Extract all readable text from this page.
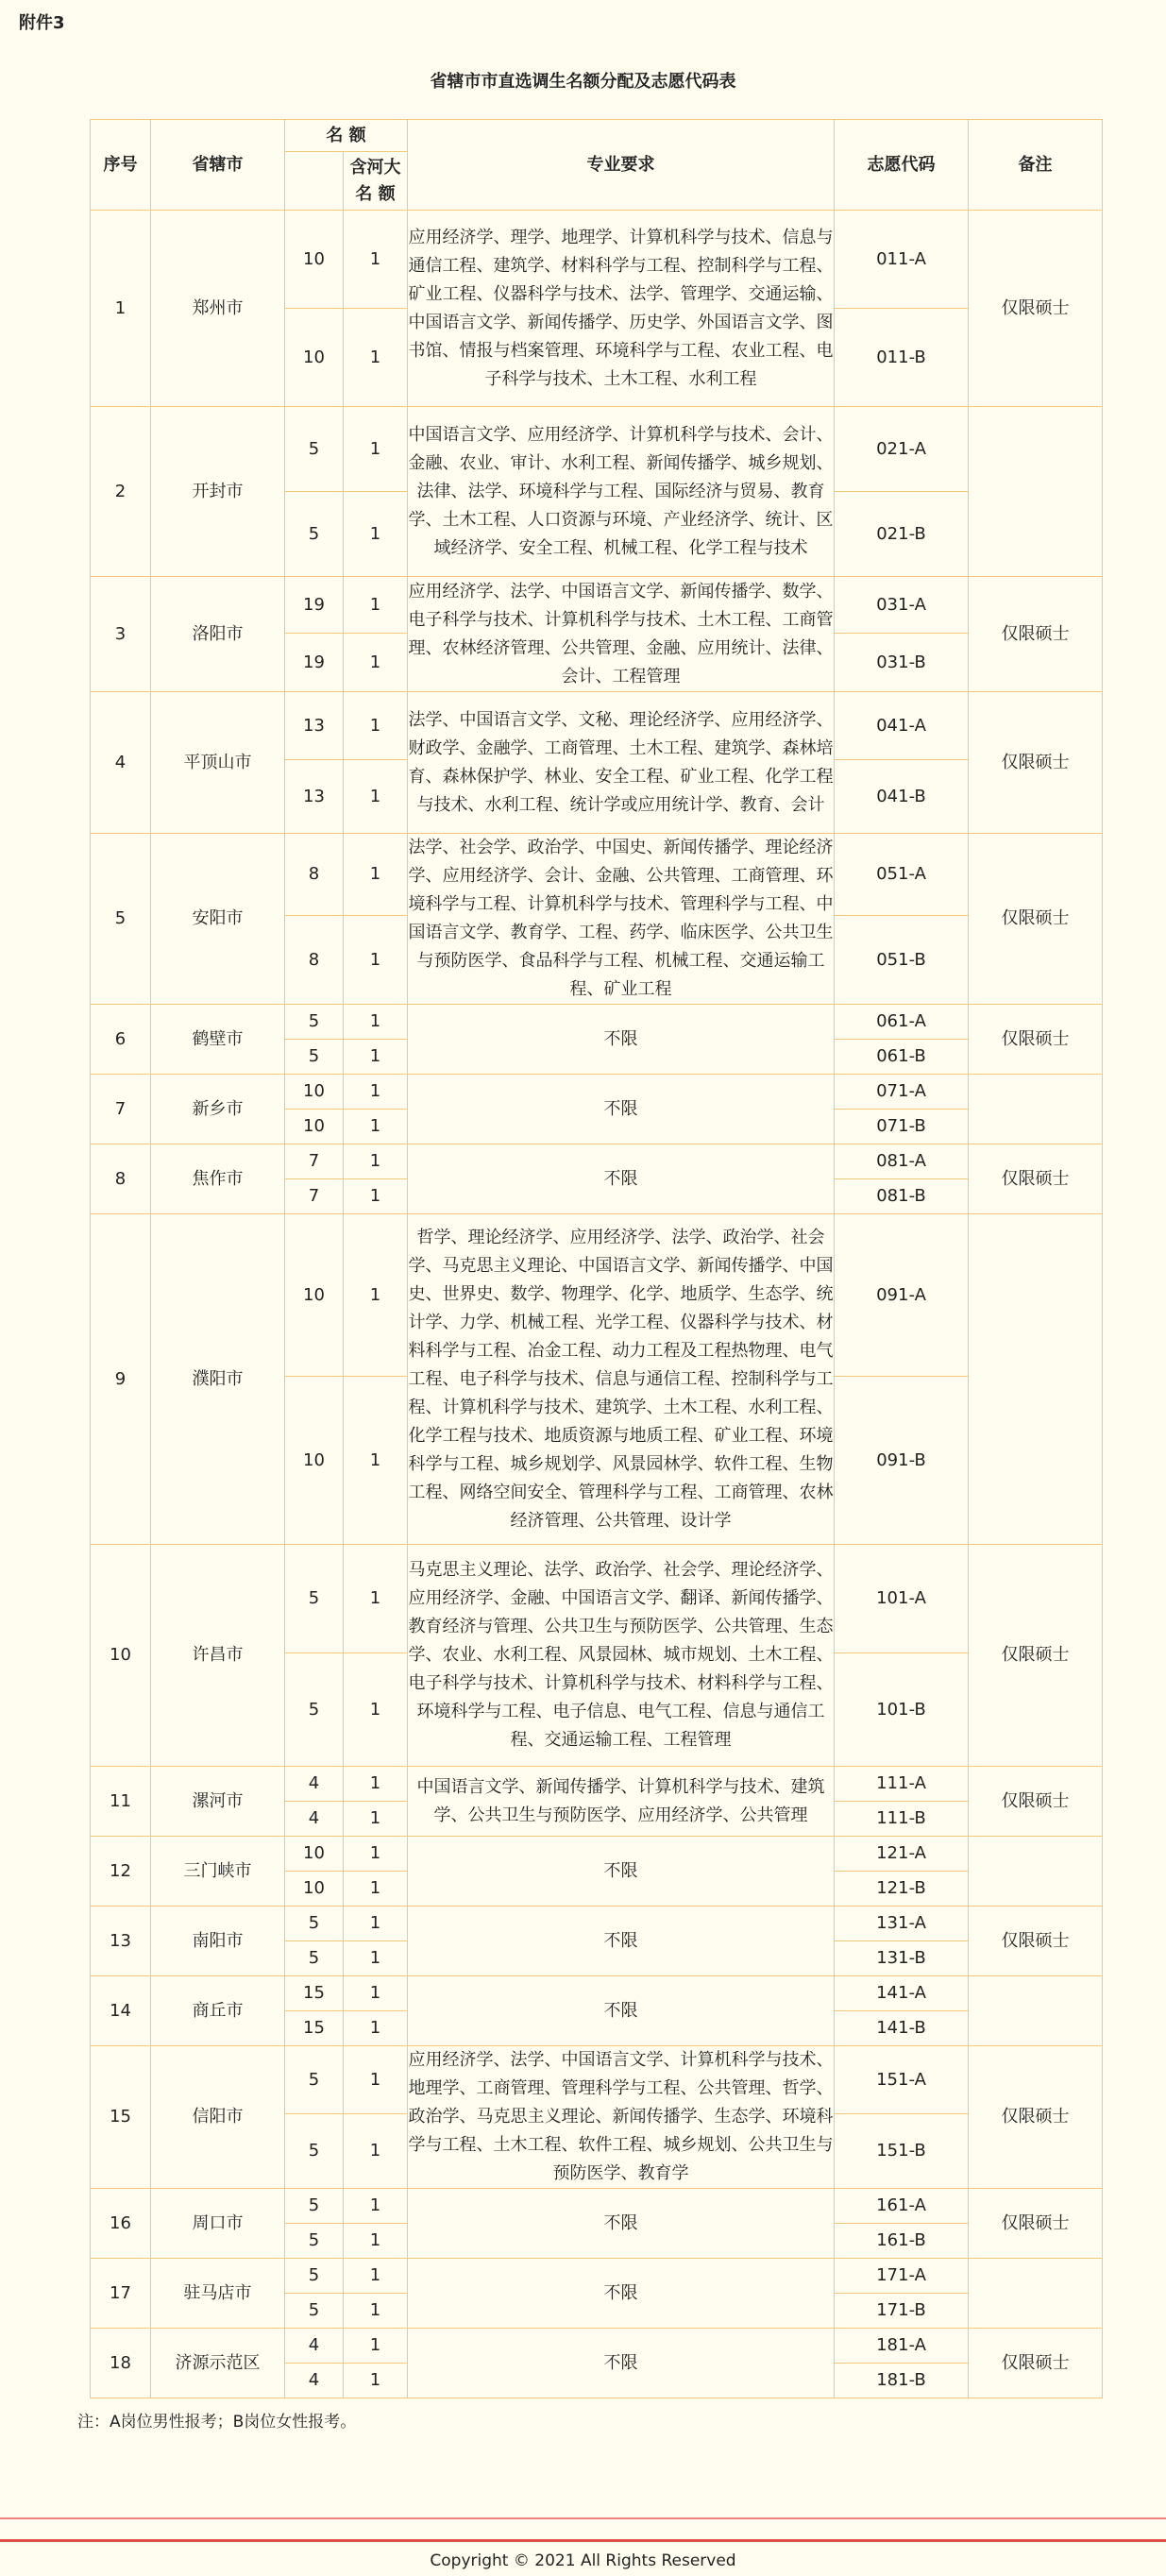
附件3
省辖市市直选调生名额分配及志愿代码表
序号	省辖市	名 额		专业要求	志愿代码	备注
			含河大名 额			
1	郑州市	10	1	应用经济学、理学、地理学、计算机科学与技术、信息与通信工程、建筑学、材料科学与工程、控制科学与工程、矿业工程、仪器科学与技术、法学、管理学、交通运输、中国语言文学、新闻传播学、历史学、外国语言文学、图书馆、情报与档案管理、环境科学与工程、农业工程、电子科学与技术、土木工程、水利工程	011-A	仅限硕士
		10	1		011-B	
2	开封市	5	1	中国语言文学、应用经济学、计算机科学与技术、会计、金融、农业、审计、水利工程、新闻传播学、城乡规划、法律、法学、环境科学与工程、国际经济与贸易、教育学、土木工程、人口资源与环境、产业经济学、统计、区域经济学、安全工程、机械工程、化学工程与技术	021-A	
		5	1		021-B	
3	洛阳市	19	1	应用经济学、法学、中国语言文学、新闻传播学、数学、电子科学与技术、计算机科学与技术、土木工程、工商管理、农林经济管理、公共管理、金融、应用统计、法律、会计、工程管理	031-A	仅限硕士
		19	1		031-B	
4	平顶山市	13	1	法学、中国语言文学、文秘、理论经济学、应用经济学、财政学、金融学、工商管理、土木工程、建筑学、森林培育、森林保护学、林业、安全工程、矿业工程、化学工程与技术、水利工程、统计学或应用统计学、教育、会计	041-A	仅限硕士
		13	1		041-B	
5	安阳市	8	1	法学、社会学、政治学、中国史、新闻传播学、理论经济学、应用经济学、会计、金融、公共管理、工商管理、环境科学与工程、计算机科学与技术、管理科学与工程、中国语言文学、教育学、工程、药学、临床医学、公共卫生与预防医学、食品科学与工程、机械工程、交通运输工程、矿业工程	051-A	仅限硕士
		8	1		051-B	
6	鹤壁市	5	1	不限	061-A	仅限硕士
		5	1		061-B	
7	新乡市	10	1	不限	071-A	
		10	1		071-B	
8	焦作市	7	1	不限	081-A	仅限硕士
		7	1		081-B	
9	濮阳市	10	1	哲学、理论经济学、应用经济学、法学、政治学、社会学、马克思主义理论、中国语言文学、新闻传播学、中国史、世界史、数学、物理学、化学、地质学、生态学、统计学、力学、机械工程、光学工程、仪器科学与技术、材料科学与工程、冶金工程、动力工程及工程热物理、电气工程、电子科学与技术、信息与通信工程、控制科学与工程、计算机科学与技术、建筑学、土木工程、水利工程、化学工程与技术、地质资源与地质工程、矿业工程、环境科学与工程、城乡规划学、风景园林学、软件工程、生物工程、网络空间安全、管理科学与工程、工商管理、农林经济管理、公共管理、设计学	091-A	
		10	1		091-B	
10	许昌市	5	1	马克思主义理论、法学、政治学、社会学、理论经济学、应用经济学、金融、中国语言文学、翻译、新闻传播学、教育经济与管理、公共卫生与预防医学、公共管理、生态学、农业、水利工程、风景园林、城市规划、土木工程、电子科学与技术、计算机科学与技术、材料科学与工程、环境科学与工程、电子信息、电气工程、信息与通信工程、交通运输工程、工程管理	101-A	仅限硕士
		5	1		101-B	
11	漯河市	4	1	中国语言文学、新闻传播学、计算机科学与技术、建筑学、公共卫生与预防医学、应用经济学、公共管理	111-A	仅限硕士
		4	1		111-B	
12	三门峡市	10	1	不限	121-A	
		10	1		121-B	
13	南阳市	5	1	不限	131-A	仅限硕士
		5	1		131-B	
14	商丘市	15	1	不限	141-A	
		15	1		141-B	
15	信阳市	5	1	应用经济学、法学、中国语言文学、计算机科学与技术、地理学、工商管理、管理科学与工程、公共管理、哲学、政治学、马克思主义理论、新闻传播学、生态学、环境科学与工程、土木工程、软件工程、城乡规划、公共卫生与预防医学、教育学	151-A	仅限硕士
		5	1		151-B	
16	周口市	5	1	不限	161-A	仅限硕士
		5	1		161-B	
17	驻马店市	5	1	不限	171-A	
		5	1		171-B	
18	济源示范区	4	1	不限	181-A	仅限硕士
		4	1		181-B	
注：A岗位男性报考；B岗位女性报考。
Copyright © 2021 All Rights Reserved
